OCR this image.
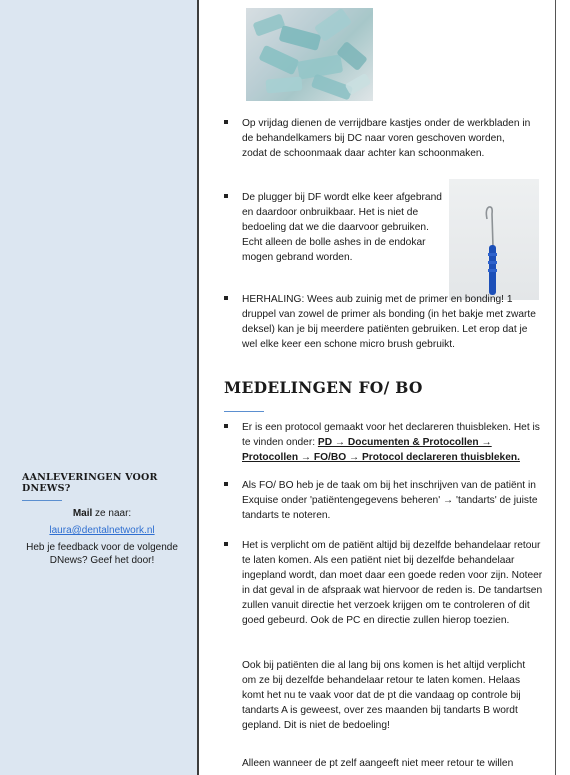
AANLEVERINGEN VOOR DNEWS?

Mail ze naar:
laura@dentalnetwork.nl
Heb je feedback voor de volgende DNews? Geef het door!
Op vrijdag dienen de verrijdbare kastjes onder de werkbladen in de behandelkamers bij DC naar voren geschoven worden, zodat de schoonmaak daar achter kan schoonmaken.
De plugger bij DF wordt elke keer afgebrand en daardoor onbruikbaar. Het is niet de bedoeling dat we die daarvoor gebruiken. Echt alleen de bolle ashes in de endokar mogen gebrand worden.
HERHALING: Wees aub zuinig met de primer en bonding! 1 druppel van zowel de primer als bonding (in het bakje met zwarte deksel) kan je bij meerdere patiënten gebruiken. Let erop dat je wel elke keer een schone micro brush gebruikt.
MEDELINGEN FO/ BO
Er is een protocol gemaakt voor het declareren thuisbleken. Het is te vinden onder: PD → Documenten & Protocollen → Protocollen → FO/BO → Protocol declareren thuisbleken.
Als FO/ BO heb je de taak om bij het inschrijven van de patiënt in Exquise onder 'patiëntengegevens beheren' → 'tandarts' de juiste tandarts te noteren.
Het is verplicht om de patiënt altijd bij dezelfde behandelaar retour te laten komen. Als een patiënt niet bij dezelfde behandelaar ingepland wordt, dan moet daar een goede reden voor zijn. Noteer in dat geval in de afspraak wat hiervoor de reden is. De tandartsen zullen vanuit directie het verzoek krijgen om te controleren of dit goed gebeurd. Ook de PC en directie zullen hierop toezien.
Ook bij patiënten die al lang bij ons komen is het altijd verplicht om ze bij dezelfde behandelaar retour te laten komen. Helaas komt het nu te vaak voor dat de pt die vandaag op controle bij tandarts A is geweest, over zes maanden bij tandarts B wordt gepland. Dit is niet de bedoeling!
Alleen wanneer de pt zelf aangeeft niet meer retour te willen
